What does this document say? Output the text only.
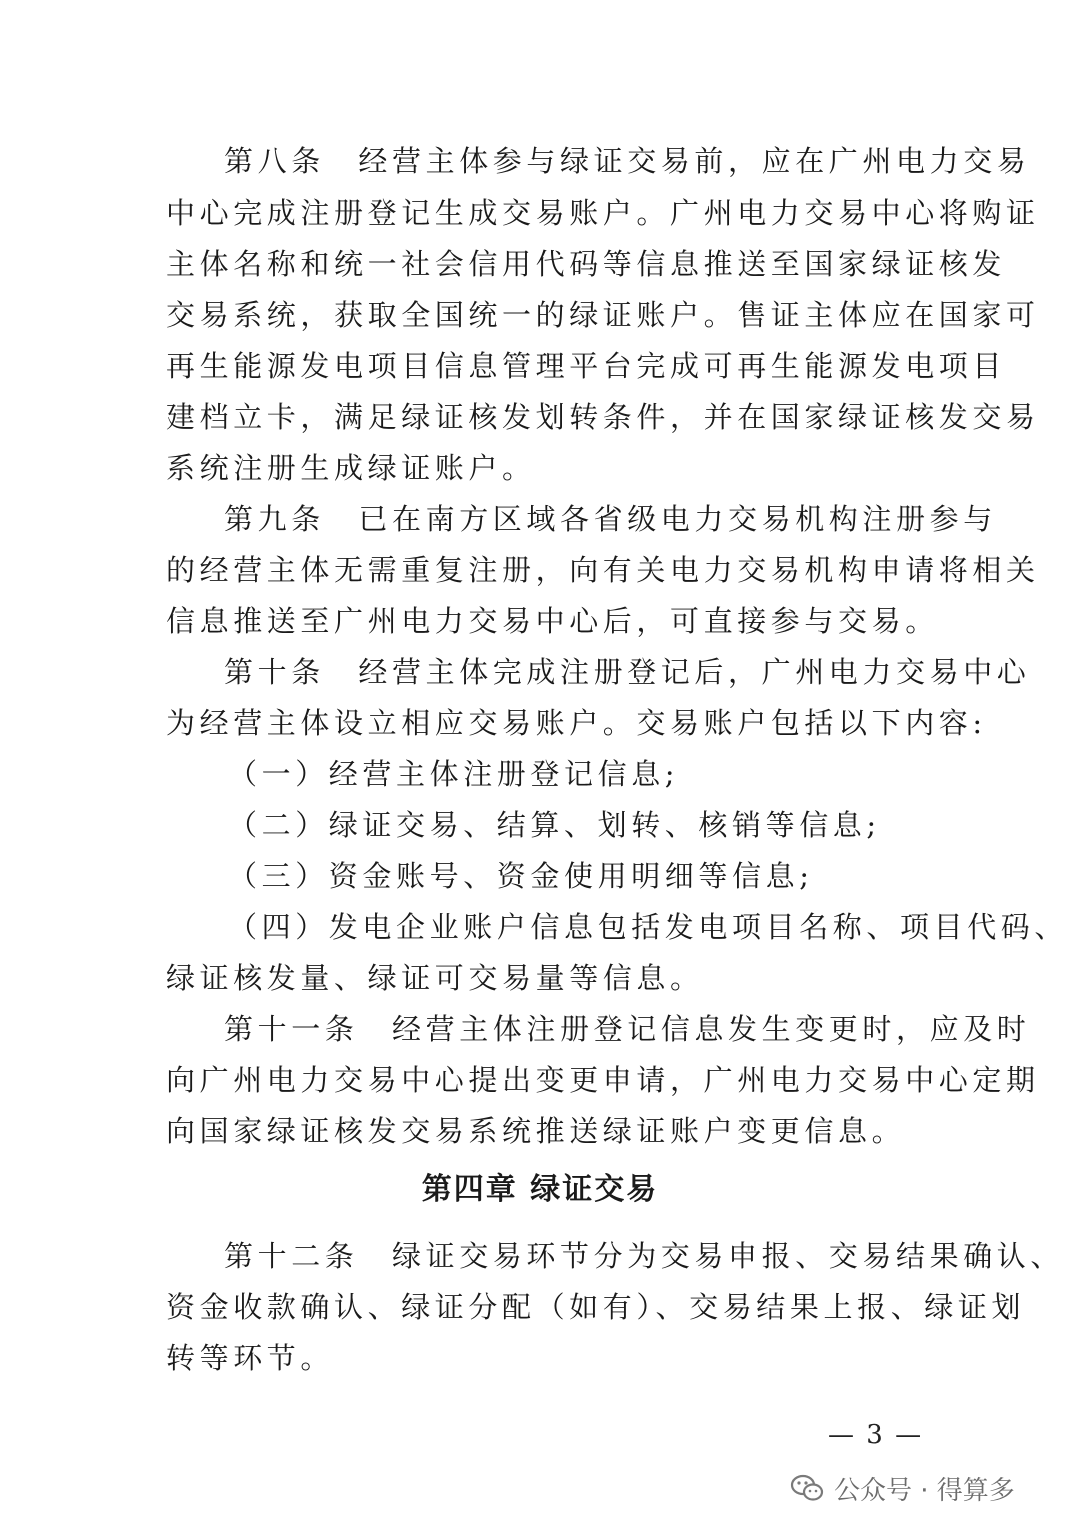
第八条　经营主体参与绿证交易前，应在广州电力交易
中心完成注册登记生成交易账户。广州电力交易中心将购证
主体名称和统一社会信用代码等信息推送至国家绿证核发
交易系统，获取全国统一的绿证账户。售证主体应在国家可
再生能源发电项目信息管理平台完成可再生能源发电项目
建档立卡，满足绿证核发划转条件，并在国家绿证核发交易
系统注册生成绿证账户。
第九条　已在南方区域各省级电力交易机构注册参与
的经营主体无需重复注册，向有关电力交易机构申请将相关
信息推送至广州电力交易中心后，可直接参与交易。
第十条　经营主体完成注册登记后，广州电力交易中心
为经营主体设立相应交易账户。交易账户包括以下内容:
（一）经营主体注册登记信息;
（二）绿证交易、结算、划转、核销等信息;
（三）资金账号、资金使用明细等信息;
（四）发电企业账户信息包括发电项目名称、项目代码、
绿证核发量、绿证可交易量等信息。
第十一条　经营主体注册登记信息发生变更时，应及时
向广州电力交易中心提出变更申请，广州电力交易中心定期
向国家绿证核发交易系统推送绿证账户变更信息。
第四章 绿证交易
第十二条　绿证交易环节分为交易申报、交易结果确认、
资金收款确认、绿证分配（如有）、交易结果上报、绿证划
转等环节。
— 3 —
公众号 · 得算多
